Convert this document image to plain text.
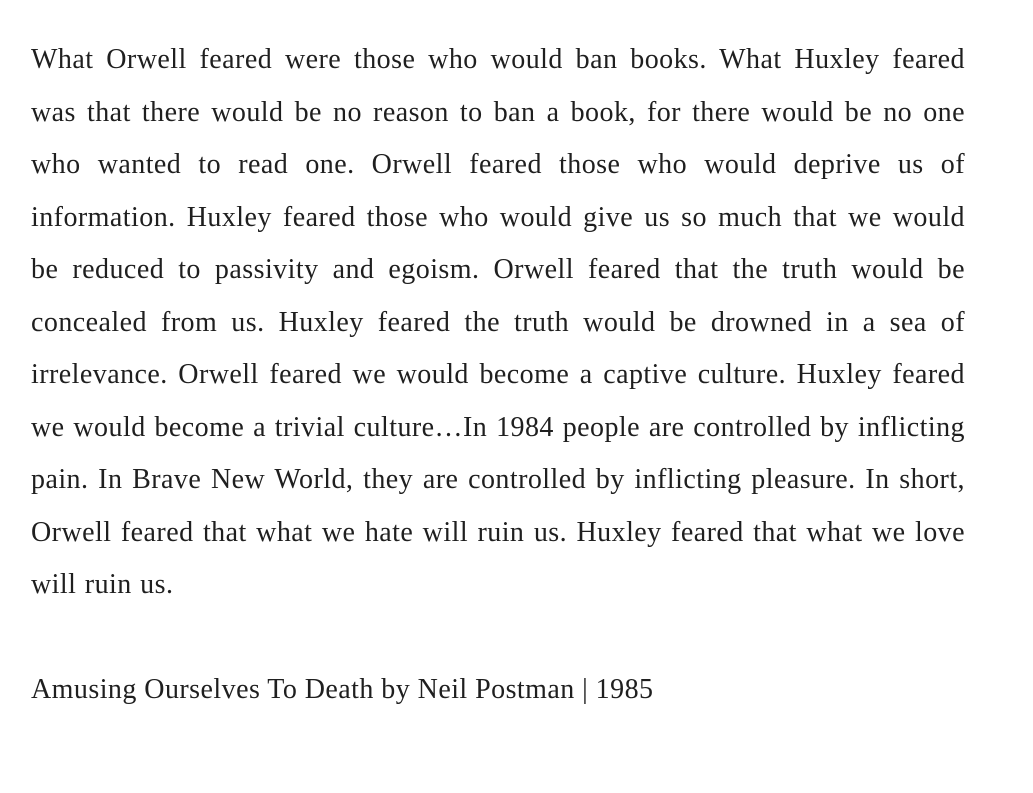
What Orwell feared were those who would ban books. What Huxley feared was that there would be no reason to ban a book, for there would be no one who wanted to read one. Orwell feared those who would deprive us of information. Huxley feared those who would give us so much that we would be reduced to passivity and egoism. Orwell feared that the truth would be concealed from us. Huxley feared the truth would be drowned in a sea of irrelevance. Orwell feared we would become a captive culture. Huxley feared we would become a trivial culture…In 1984 people are controlled by inflicting pain. In Brave New World, they are controlled by inflicting pleasure. In short, Orwell feared that what we hate will ruin us. Huxley feared that what we love will ruin us.

Amusing Ourselves To Death by Neil Postman | 1985
